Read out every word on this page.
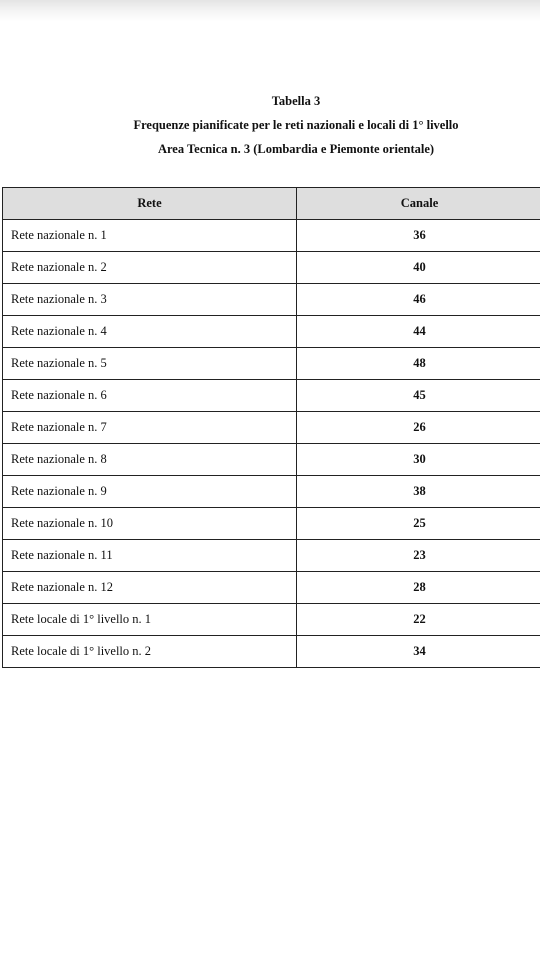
Tabella 3
Frequenze pianificate per le reti nazionali e locali di 1° livello
Area Tecnica n. 3 (Lombardia e Piemonte orientale)
Rete	Canale
Rete nazionale n. 1	36
Rete nazionale n. 2	40
Rete nazionale n. 3	46
Rete nazionale n. 4	44
Rete nazionale n. 5	48
Rete nazionale n. 6	45
Rete nazionale n. 7	26
Rete nazionale n. 8	30
Rete nazionale n. 9	38
Rete nazionale n. 10	25
Rete nazionale n. 11	23
Rete nazionale n. 12	28
Rete locale di 1° livello n. 1	22
Rete locale di 1° livello n. 2	34
